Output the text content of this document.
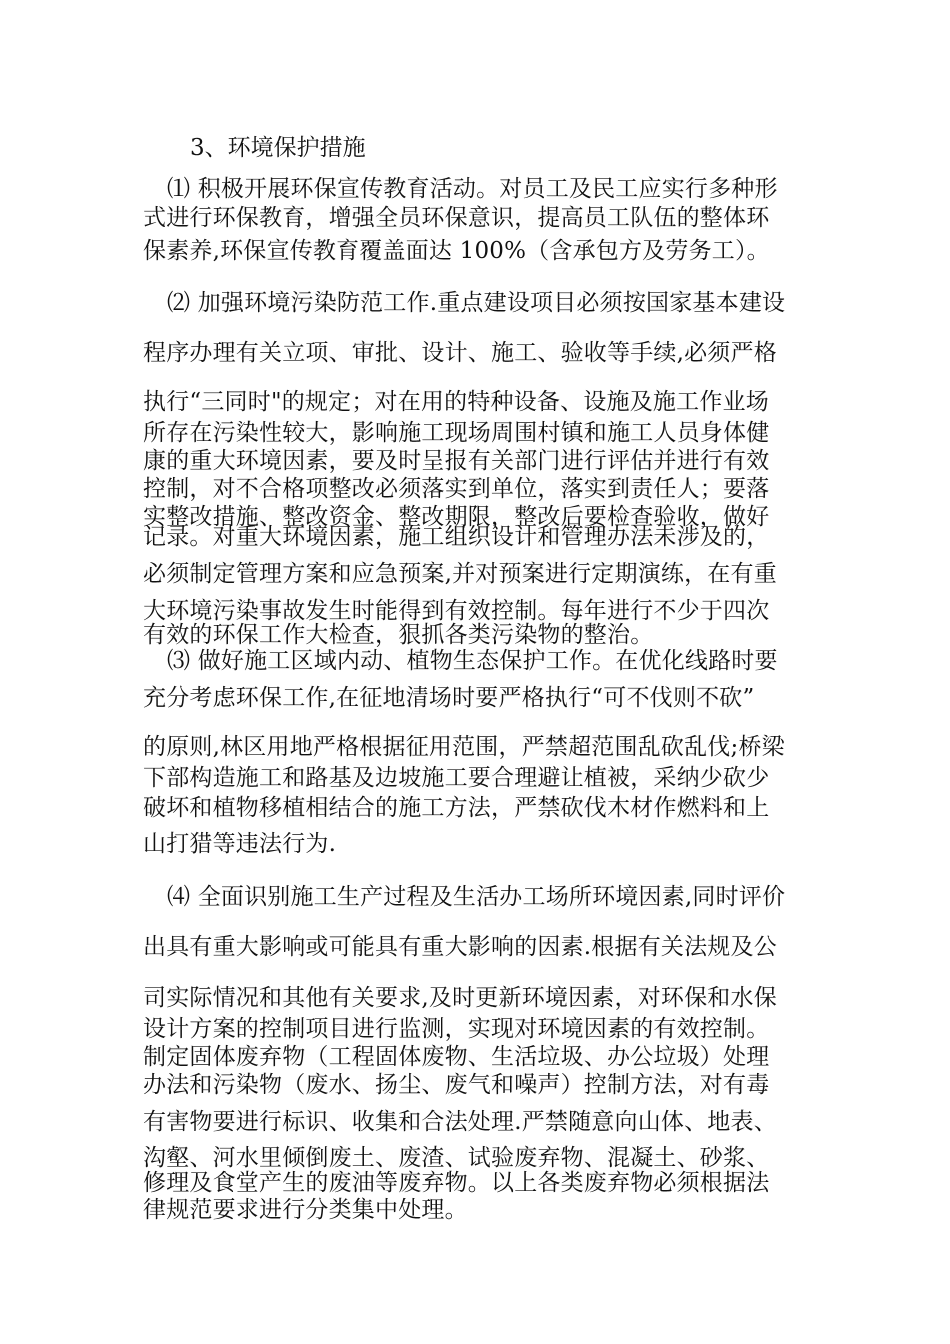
3、环境保护措施
⑴ 积极开展环保宣传教育活动。对员工及民工应实行多种形
式进行环保教育，增强全员环保意识，提高员工队伍的整体环
保素养,环保宣传教育覆盖面达 100%（含承包方及劳务工）。
⑵ 加强环境污染防范工作.重点建设项目必须按国家基本建设
程序办理有关立项、审批、设计、施工、验收等手续,必须严格
执行“三同时"的规定；对在用的特种设备、设施及施工作业场
所存在污染性较大，影响施工现场周围村镇和施工人员身体健
康的重大环境因素，要及时呈报有关部门进行评估并进行有效
控制，对不合格项整改必须落实到单位，落实到责任人；要落
实整改措施、整改资金、整改期限，整改后要检查验收，做好
记录。对重大环境因素，施工组织设计和管理办法未涉及的，
必须制定管理方案和应急预案,并对预案进行定期演练，在有重
大环境污染事故发生时能得到有效控制。每年进行不少于四次
有效的环保工作大检查，狠抓各类污染物的整治。
⑶ 做好施工区域内动、植物生态保护工作。在优化线路时要
充分考虑环保工作,在征地清场时要严格执行“可不伐则不砍”
的原则,林区用地严格根据征用范围，严禁超范围乱砍乱伐;桥梁
下部构造施工和路基及边坡施工要合理避让植被，采纳少砍少
破坏和植物移植相结合的施工方法，严禁砍伐木材作燃料和上
山打猎等违法行为.
⑷ 全面识别施工生产过程及生活办工场所环境因素,同时评价
出具有重大影响或可能具有重大影响的因素.根据有关法规及公
司实际情况和其他有关要求,及时更新环境因素，对环保和水保
设计方案的控制项目进行监测，实现对环境因素的有效控制。
制定固体废弃物（工程固体废物、生活垃圾、办公垃圾）处理
办法和污染物（废水、扬尘、废气和噪声）控制方法，对有毒
有害物要进行标识、收集和合法处理.严禁随意向山体、地表、
沟壑、河水里倾倒废土、废渣、试验废弃物、混凝土、砂浆、
修理及食堂产生的废油等废弃物。以上各类废弃物必须根据法
律规范要求进行分类集中处理。
